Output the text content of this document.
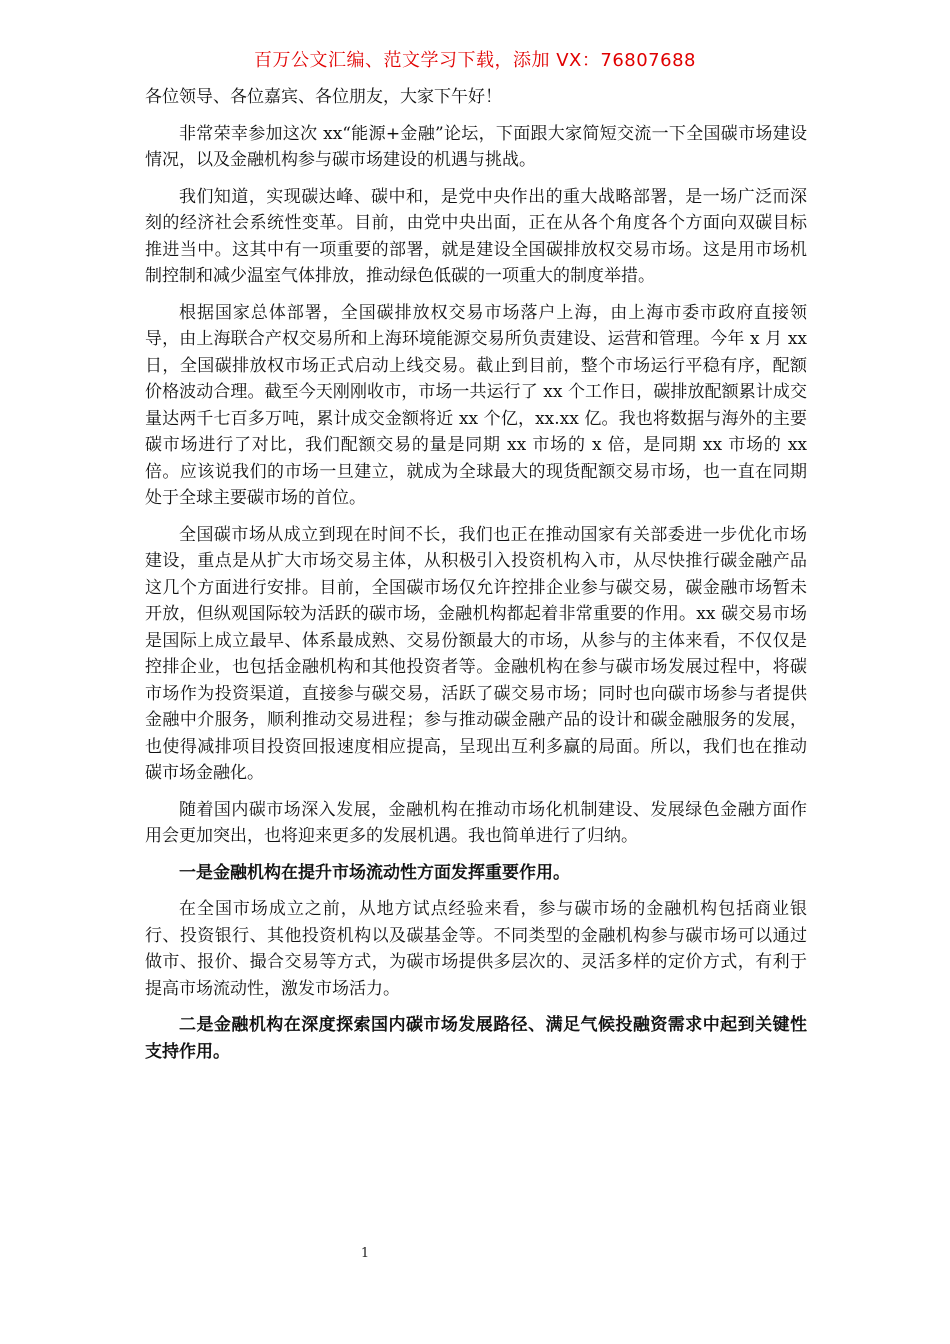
百万公文汇编、范文学习下载，添加 VX：76807688

各位领导、各位嘉宾、各位朋友，大家下午好！

非常荣幸参加这次 xx“能源+金融”论坛，下面跟大家简短交流一下全国碳市场建设情况，以及金融机构参与碳市场建设的机遇与挑战。

我们知道，实现碳达峰、碳中和，是党中央作出的重大战略部署，是一场广泛而深刻的经济社会系统性变革。目前，由党中央出面，正在从各个角度各个方面向双碳目标推进当中。这其中有一项重要的部署，就是建设全国碳排放权交易市场。这是用市场机制控制和减少温室气体排放，推动绿色低碳的一项重大的制度举措。

根据国家总体部署，全国碳排放权交易市场落户上海，由上海市委市政府直接领导，由上海联合产权交易所和上海环境能源交易所负责建设、运营和管理。今年 x 月 xx 日，全国碳排放权市场正式启动上线交易。截止到目前，整个市场运行平稳有序，配额价格波动合理。截至今天刚刚收市，市场一共运行了 xx 个工作日，碳排放配额累计成交量达两千七百多万吨，累计成交金额将近 xx 个亿，xx.xx 亿。我也将数据与海外的主要碳市场进行了对比，我们配额交易的量是同期 xx 市场的 x 倍，是同期 xx 市场的 xx 倍。应该说我们的市场一旦建立，就成为全球最大的现货配额交易市场，也一直在同期处于全球主要碳市场的首位。

全国碳市场从成立到现在时间不长，我们也正在推动国家有关部委进一步优化市场建设，重点是从扩大市场交易主体，从积极引入投资机构入市，从尽快推行碳金融产品这几个方面进行安排。目前，全国碳市场仅允许控排企业参与碳交易，碳金融市场暂未开放，但纵观国际较为活跃的碳市场，金融机构都起着非常重要的作用。xx 碳交易市场是国际上成立最早、体系最成熟、交易份额最大的市场，从参与的主体来看，不仅仅是控排企业，也包括金融机构和其他投资者等。金融机构在参与碳市场发展过程中，将碳市场作为投资渠道，直接参与碳交易，活跃了碳交易市场；同时也向碳市场参与者提供金融中介服务，顺利推动交易进程；参与推动碳金融产品的设计和碳金融服务的发展，也使得减排项目投资回报速度相应提高，呈现出互利多赢的局面。所以，我们也在推动碳市场金融化。

随着国内碳市场深入发展，金融机构在推动市场化机制建设、发展绿色金融方面作用会更加突出，也将迎来更多的发展机遇。我也简单进行了归纳。

一是金融机构在提升市场流动性方面发挥重要作用。

在全国市场成立之前，从地方试点经验来看，参与碳市场的金融机构包括商业银行、投资银行、其他投资机构以及碳基金等。不同类型的金融机构参与碳市场可以通过做市、报价、撮合交易等方式，为碳市场提供多层次的、灵活多样的定价方式，有利于提高市场流动性，激发市场活力。

二是金融机构在深度探索国内碳市场发展路径、满足气候投融资需求中起到关键性支持作用。

1
